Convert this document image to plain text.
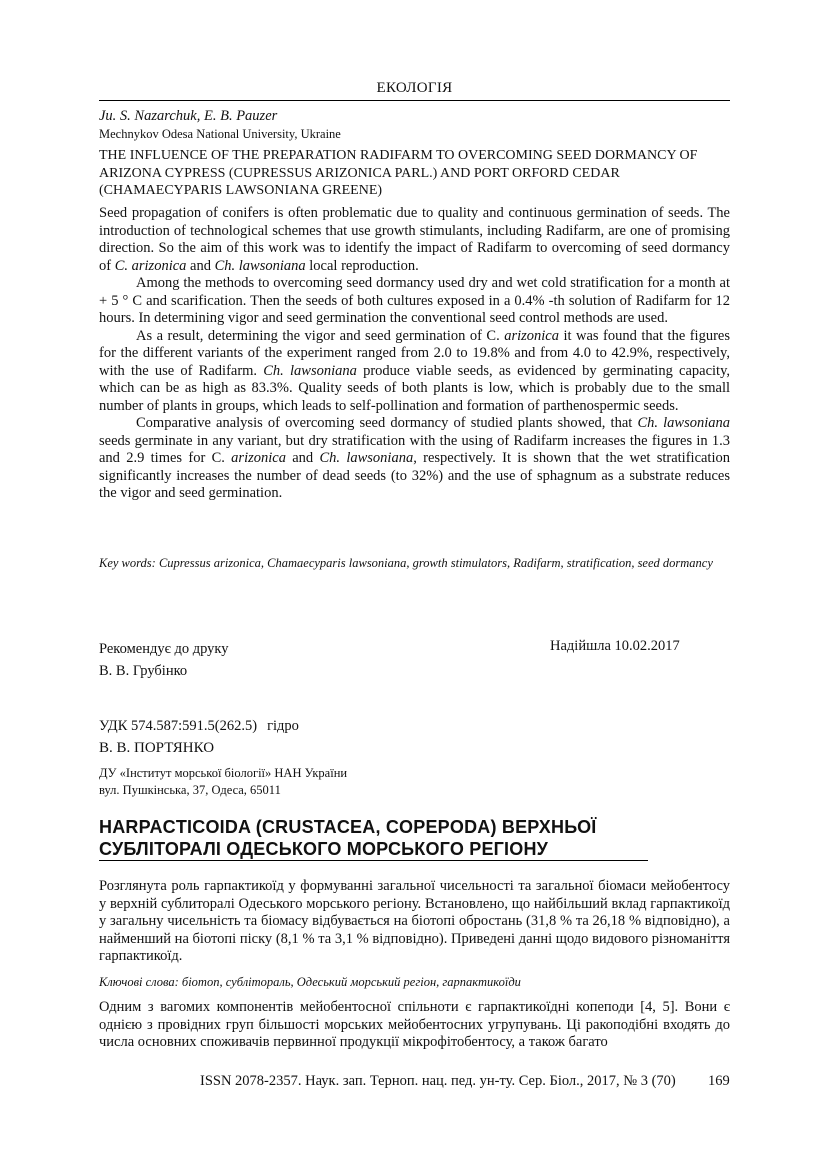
ЕКОЛОГІЯ
Ju. S. Nazarchuk, E. B. Pauzer
Mechnykov Odesa National University, Ukraine
THE INFLUENCE OF THE PREPARATION RADIFARM TO OVERCOMING SEED DORMANCY OF ARIZONA CYPRESS (CUPRESSUS ARIZONICA PARL.) AND PORT ORFORD CEDAR (CHAMAECYPARIS LAWSONIANA GREENE)

Seed propagation of conifers is often problematic due to quality and continuous germination of seeds. The introduction of technological schemes that use growth stimulants, including Radifarm, are one of promising direction. So the aim of this work was to identify the impact of Radifarm to overcoming of seed dormancy of C. arizonica and Ch. lawsoniana local reproduction.

Among the methods to overcoming seed dormancy used dry and wet cold stratification for a month at + 5 ° C and scarification. Then the seeds of both cultures exposed in a 0.4% -th solution of Radifarm for 12 hours. In determining vigor and seed germination the conventional seed control methods are used.

As a result, determining the vigor and seed germination of C. arizonica it was found that the figures for the different variants of the experiment ranged from 2.0 to 19.8% and from 4.0 to 42.9%, respectively, with the use of Radifarm. Ch. lawsoniana produce viable seeds, as evidenced by germinating capacity, which can be as high as 83.3%. Quality seeds of both plants is low, which is probably due to the small number of plants in groups, which leads to self-pollination and formation of parthenospermic seeds.

Comparative analysis of overcoming seed dormancy of studied plants showed, that Ch. lawsoniana seeds germinate in any variant, but dry stratification with the using of Radifarm increases the figures in 1.3 and 2.9 times for C. arizonica and Ch. lawsoniana, respectively. It is shown that the wet stratification significantly increases the number of dead seeds (to 32%) and the use of sphagnum as a substrate reduces the vigor and seed germination.

Key words: Cupressus arizonica, Chamaecyparis lawsoniana, growth stimulators, Radifarm, stratification, seed dormancy
Рекомендує до друку
В. В. Грубінко
Надійшла 10.02.2017
УДК 574.587:591.5(262.5) гідро
В. В. ПОРТЯНКО
ДУ «Інститут морської біології» НАН України
вул. Пушкінська, 37, Одеса, 65011
HARPACTICOIDA (CRUSTACEA, COPEPODA) ВЕРХНЬОЇ
СУБЛІТОРАЛІ ОДЕСЬКОГО МОРСЬКОГО РЕГІОНУ

Розглянута роль гарпактикоїд у формуванні загальної чисельності та загальної біомаси мейобентосу у верхній сублиторалі Одеського морського регіону. Встановлено, що найбільший вклад гарпактикоїд у загальну чисельність та біомасу відбувається на біотопі обростань (31,8 % та 26,18 % відповідно), а найменший на біотопі піску (8,1 % та 3,1 % відповідно). Приведені данні щодо видового різноманіття гарпактикоїд.

Ключові слова: біотоп, субліторaль, Одеський морський регіон, гарпактикоїди

Одним з вагомих компонентів мейобентосної спільноти є гарпактикоїдні копеподи [4, 5]. Вони є однією з провідних груп більшості морських мейобентосних угрупувань. Ці ракоподібні входять до числа основних споживачів первинної продукції мікрофітобентосу, а також багато

ISSN 2078-2357. Наук. зап. Терноп. нац. пед. ун-ту. Сер. Біол., 2017, № 3 (70) 169
